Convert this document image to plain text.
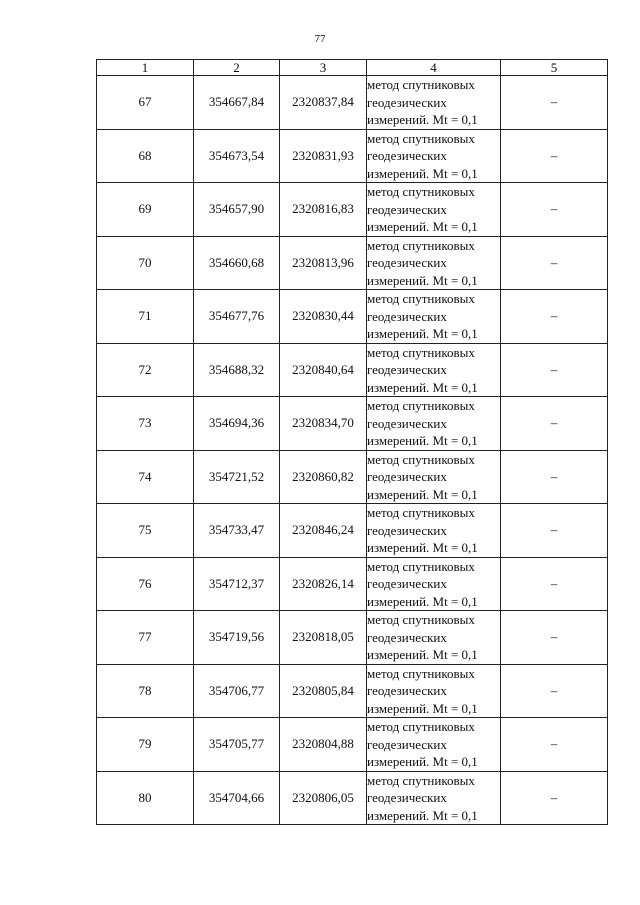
77
1	2	3	4	5
67	354667,84	2320837,84	метод спутниковых
геодезических
измерений. Mt = 0,1	–
68	354673,54	2320831,93	метод спутниковых
геодезических
измерений. Mt = 0,1	–
69	354657,90	2320816,83	метод спутниковых
геодезических
измерений. Mt = 0,1	–
70	354660,68	2320813,96	метод спутниковых
геодезических
измерений. Mt = 0,1	–
71	354677,76	2320830,44	метод спутниковых
геодезических
измерений. Mt = 0,1	–
72	354688,32	2320840,64	метод спутниковых
геодезических
измерений. Mt = 0,1	–
73	354694,36	2320834,70	метод спутниковых
геодезических
измерений. Mt = 0,1	–
74	354721,52	2320860,82	метод спутниковых
геодезических
измерений. Mt = 0,1	–
75	354733,47	2320846,24	метод спутниковых
геодезических
измерений. Mt = 0,1	–
76	354712,37	2320826,14	метод спутниковых
геодезических
измерений. Mt = 0,1	–
77	354719,56	2320818,05	метод спутниковых
геодезических
измерений. Mt = 0,1	–
78	354706,77	2320805,84	метод спутниковых
геодезических
измерений. Mt = 0,1	–
79	354705,77	2320804,88	метод спутниковых
геодезических
измерений. Mt = 0,1	–
80	354704,66	2320806,05	метод спутниковых
геодезических
измерений. Mt = 0,1	–
